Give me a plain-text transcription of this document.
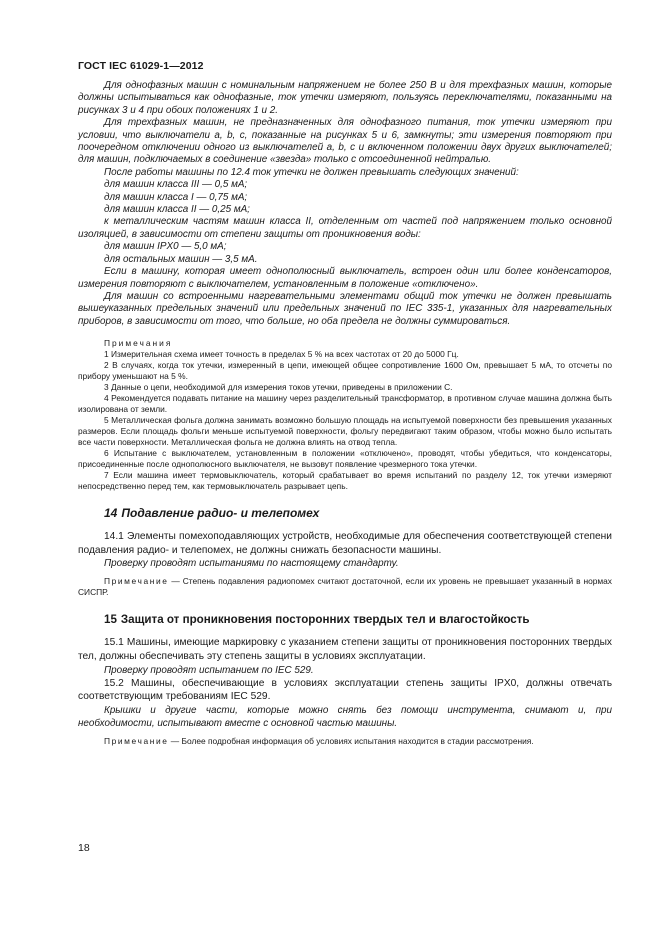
ГОСТ IEC 61029-1—2012

Для однофазных машин с номинальным напряжением не более 250 В и для трехфазных машин, которые должны испытываться как однофазные, ток утечки измеряют, пользуясь переключателями, показанными на рисунках 3 и 4 при обоих положениях 1 и 2.

Для трехфазных машин, не предназначенных для однофазного питания, ток утечки измеряют при условии, что выключатели a, b, c, показанные на рисунках 5 и 6, замкнуты; эти измерения повторяют при поочередном отключении одного из выключателей a, b, c и включенном положении двух других выключателей; для машин, подключаемых в соединение «звезда» только с отсоединенной нейтралью.

После работы машины по 12.4 ток утечки не должен превышать следующих значений:

для машин класса III — 0,5 мА;

для машин класса I — 0,75 мА;

для машин класса II — 0,25 мА;

к металлическим частям машин класса II, отделенным от частей под напряжением только основной изоляцией, в зависимости от степени защиты от проникновения воды:

для машин IPX0 — 5,0 мА;

для остальных машин — 3,5 мА.

Если в машину, которая имеет однополюсный выключатель, встроен один или более конденсаторов, измерения повторяют с выключателем, установленным в положение «отключено».

Для машин со встроенными нагревательными элементами общий ток утечки не должен превышать вышеуказанных предельных значений или предельных значений по IEC 335-1, указанных для нагревательных приборов, в зависимости от того, что больше, но оба предела не должны суммироваться.

Примечания

1 Измерительная схема имеет точность в пределах 5 % на всех частотах от 20 до 5000 Гц.

2 В случаях, когда ток утечки, измеренный в цепи, имеющей общее сопротивление 1600 Ом, превышает 5 мА, то отсчеты по прибору уменьшают на 5 %.

3 Данные о цепи, необходимой для измерения токов утечки, приведены в приложении С.

4 Рекомендуется подавать питание на машину через разделительный трансформатор, в противном случае машина должна быть изолирована от земли.

5 Металлическая фольга должна занимать возможно большую площадь на испытуемой поверхности без превышения указанных размеров. Если площадь фольги меньше испытуемой поверхности, фольгу передвигают таким образом, чтобы можно было испытать все части поверхности. Металлическая фольга не должна влиять на отвод тепла.

6 Испытание с выключателем, установленным в положении «отключено», проводят, чтобы убедиться, что конденсаторы, присоединенные после однополюсного выключателя, не вызовут появление чрезмерного тока утечки.

7 Если машина имеет термовыключатель, который срабатывает во время испытаний по разделу 12, ток утечки измеряют непосредственно перед тем, как термовыключатель разрывает цепь.

14 Подавление радио- и телепомех

14.1 Элементы помехоподавляющих устройств, необходимые для обеспечения соответствующей степени подавления радио- и телепомех, не должны снижать безопасности машины.

Проверку проводят испытаниями по настоящему стандарту.

Примечание — Степень подавления радиопомех считают достаточной, если их уровень не превышает указанный в нормах СИСПР.

15 Защита от проникновения посторонних твердых тел и влагостойкость

15.1 Машины, имеющие маркировку с указанием степени защиты от проникновения посторонних твердых тел, должны обеспечивать эту степень защиты в условиях эксплуатации.

Проверку проводят испытанием по IEC 529.

15.2 Машины, обеспечивающие в условиях эксплуатации степень защиты IPX0, должны отвечать соответствующим требованиям IEC 529.

Крышки и другие части, которые можно снять без помощи инструмента, снимают и, при необходимости, испытывают вместе с основной частью машины.

Примечание — Более подробная информация об условиях испытания находится в стадии рассмотрения.

18
